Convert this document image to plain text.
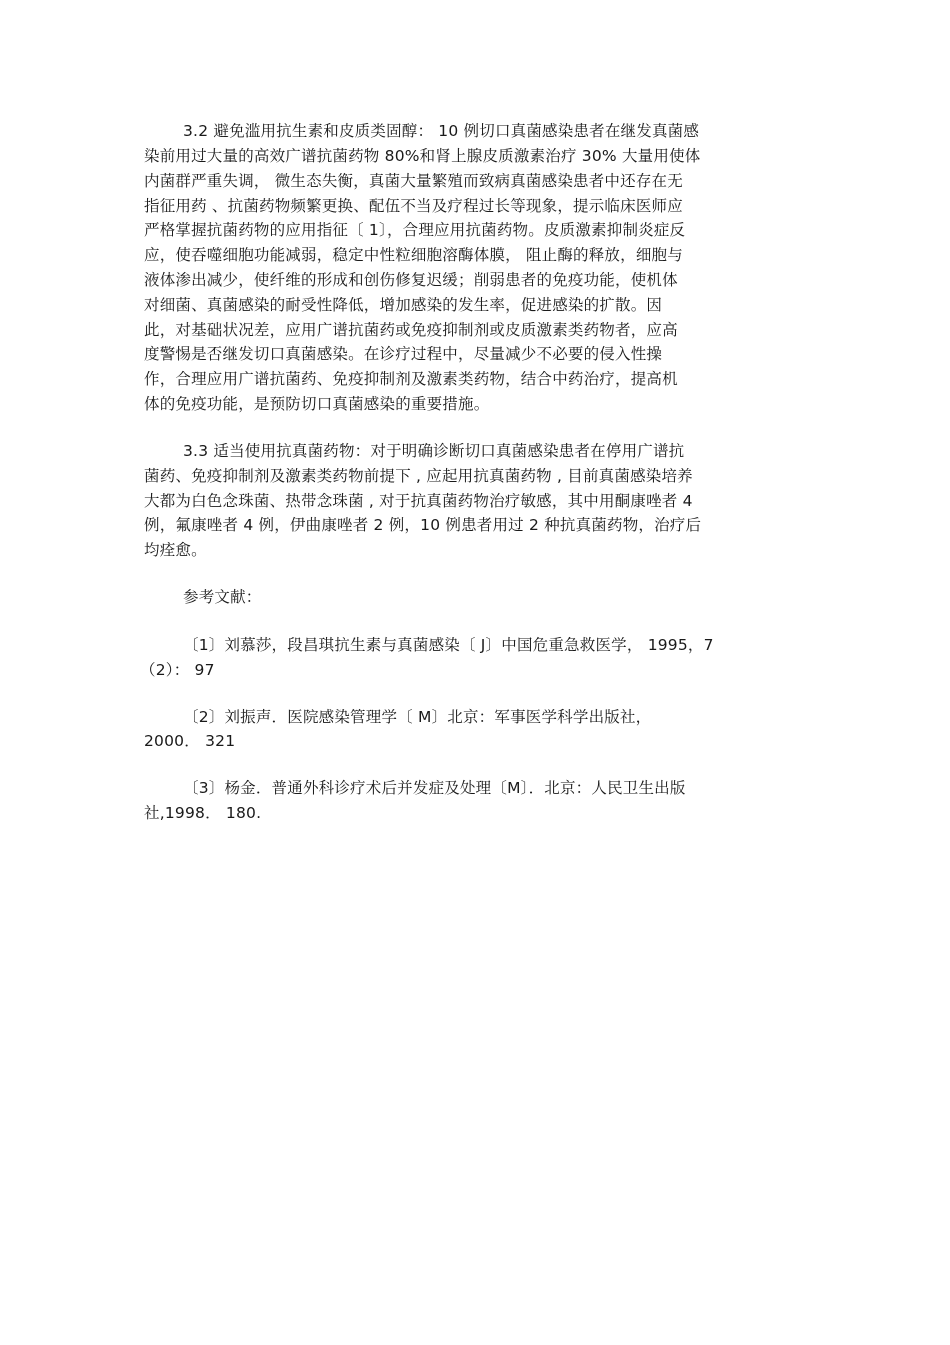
3.2 避免滥用抗生素和皮质类固醇： 10 例切口真菌感染患者在继发真菌感
染前用过大量的高效广谱抗菌药物 80%和肾上腺皮质激素治疗 30% 大量用使体
内菌群严重失调， 微生态失衡，真菌大量繁殖而致病真菌感染患者中还存在无
指征用药 、抗菌药物频繁更换、配伍不当及疗程过长等现象，提示临床医师应
严格掌握抗菌药物的应用指征〔 1〕，合理应用抗菌药物。皮质激素抑制炎症反
应，使吞噬细胞功能减弱，稳定中性粒细胞溶酶体膜， 阻止酶的释放，细胞与
液体渗出减少，使纤维的形成和创伤修复迟缓；削弱患者的免疫功能，使机体
对细菌、真菌感染的耐受性降低，增加感染的发生率，促进感染的扩散。因
此，对基础状况差，应用广谱抗菌药或免疫抑制剂或皮质激素类药物者，应高
度警惕是否继发切口真菌感染。在诊疗过程中，尽量减少不必要的侵入性操
作，合理应用广谱抗菌药、免疫抑制剂及激素类药物，结合中药治疗，提高机
体的免疫功能，是预防切口真菌感染的重要措施。
3.3 适当使用抗真菌药物：对于明确诊断切口真菌感染患者在停用广谱抗
菌药、免疫抑制剂及激素类药物前提下 , 应起用抗真菌药物 , 目前真菌感染培养
大都为白色念珠菌、热带念珠菌 , 对于抗真菌药物治疗敏感，其中用酮康唑者 4
例，氟康唑者 4 例，伊曲康唑者 2 例，10 例患者用过 2 种抗真菌药物，治疗后
均痊愈。
参考文献：
〔1〕刘慕莎，段昌琪抗生素与真菌感染〔 J〕中国危重急救医学， 1995，7
（2）： 97
〔2〕刘振声．医院感染管理学〔 M〕北京：军事医学科学出版社，
2000． 321
〔3〕杨金．普通外科诊疗术后并发症及处理〔M〕．北京：人民卫生出版
社,1998． 180.
